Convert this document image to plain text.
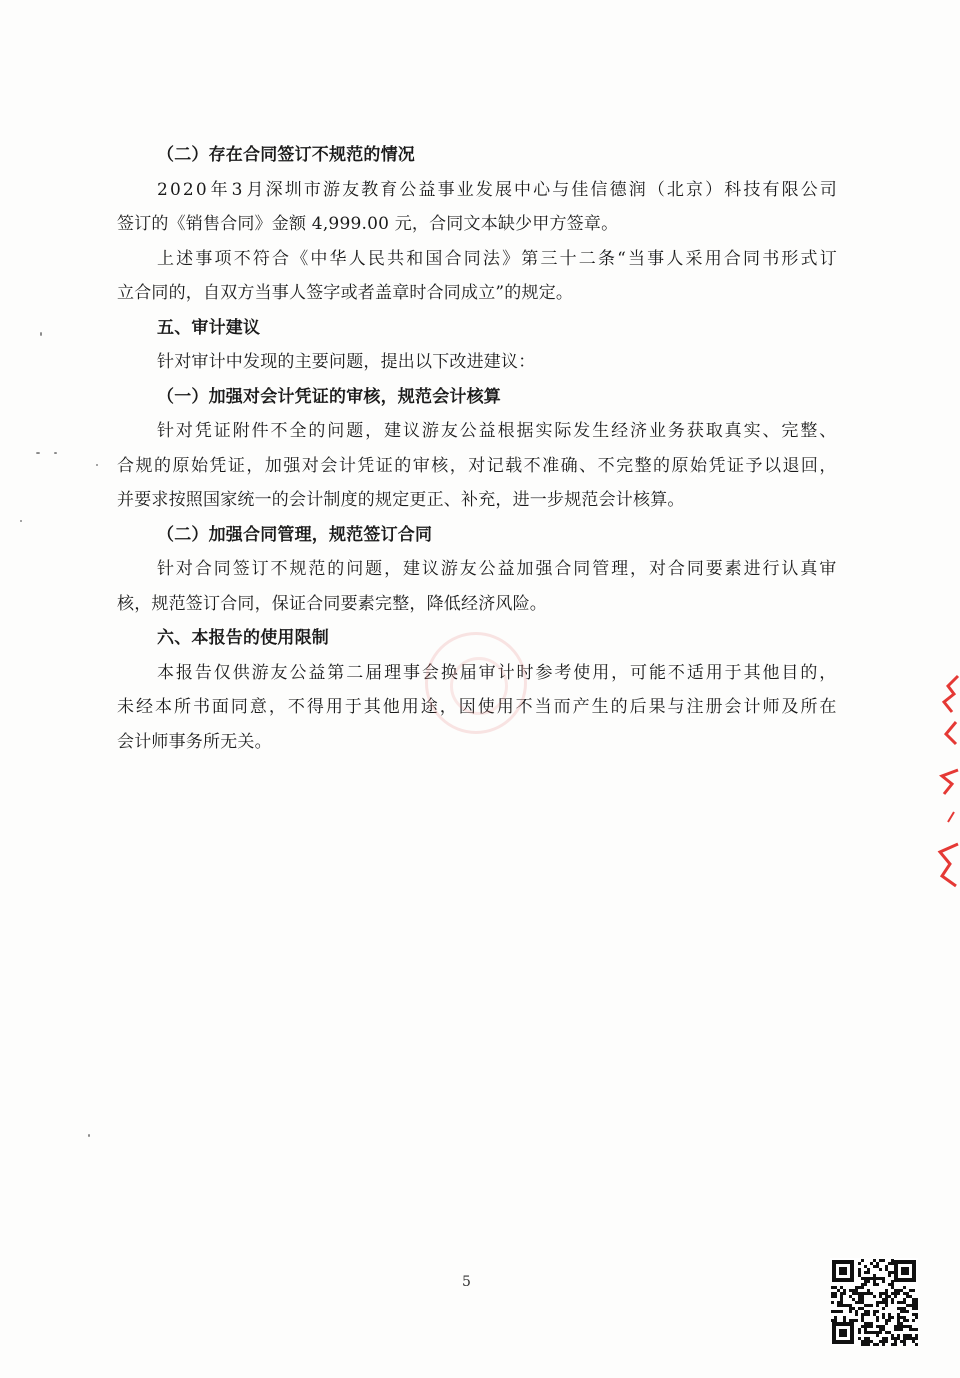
（二）存在合同签订不规范的情况
2 0 2 0 年 3 月 深 圳 市 游 友 教 育 公 益 事 业 发 展 中 心 与 佳 信 德 润 （ 北 京 ） 科 技 有 限 公 司
签订的《销售合同》金额 4,999.00 元，合同文本缺少甲方签章。
上 述 事 项 不 符 合 《 中 华 人 民 共 和 国 合 同 法 》 第 三 十 二 条 “ 当 事 人 采 用 合 同 书 形 式 订
立合同的，自双方当事人签字或者盖章时合同成立”的规定。
五、审计建议
针对审计中发现的主要问题，提出以下改进建议：
（一）加强对会计凭证的审核，规范会计核算
针 对 凭 证 附 件 不 全 的 问 题 ， 建 议 游 友 公 益 根 据 实 际 发 生 经 济 业 务 获 取 真 实 、 完 整 、
合 规 的 原 始 凭 证 ， 加 强 对 会 计 凭 证 的 审 核 ， 对 记 载 不 准 确 、 不 完 整 的 原 始 凭 证 予 以 退 回 ，
并要求按照国家统一的会计制度的规定更正、补充，进一步规范会计核算。
（二）加强合同管理，规范签订合同
针 对 合 同 签 订 不 规 范 的 问 题 ， 建 议 游 友 公 益 加 强 合 同 管 理 ， 对 合 同 要 素 进 行 认 真 审
核，规范签订合同，保证合同要素完整，降低经济风险。
六、本报告的使用限制
本 报 告 仅 供 游 友 公 益 第 二 届 理 事 会 换 届 审 计 时 参 考 使 用 ， 可 能 不 适 用 于 其 他 目 的 ，
未 经 本 所 书 面 同 意 ， 不 得 用 于 其 他 用 途 ， 因 使 用 不 当 而 产 生 的 后 果 与 注 册 会 计 师 及 所 在
会计师事务所无关。
5
